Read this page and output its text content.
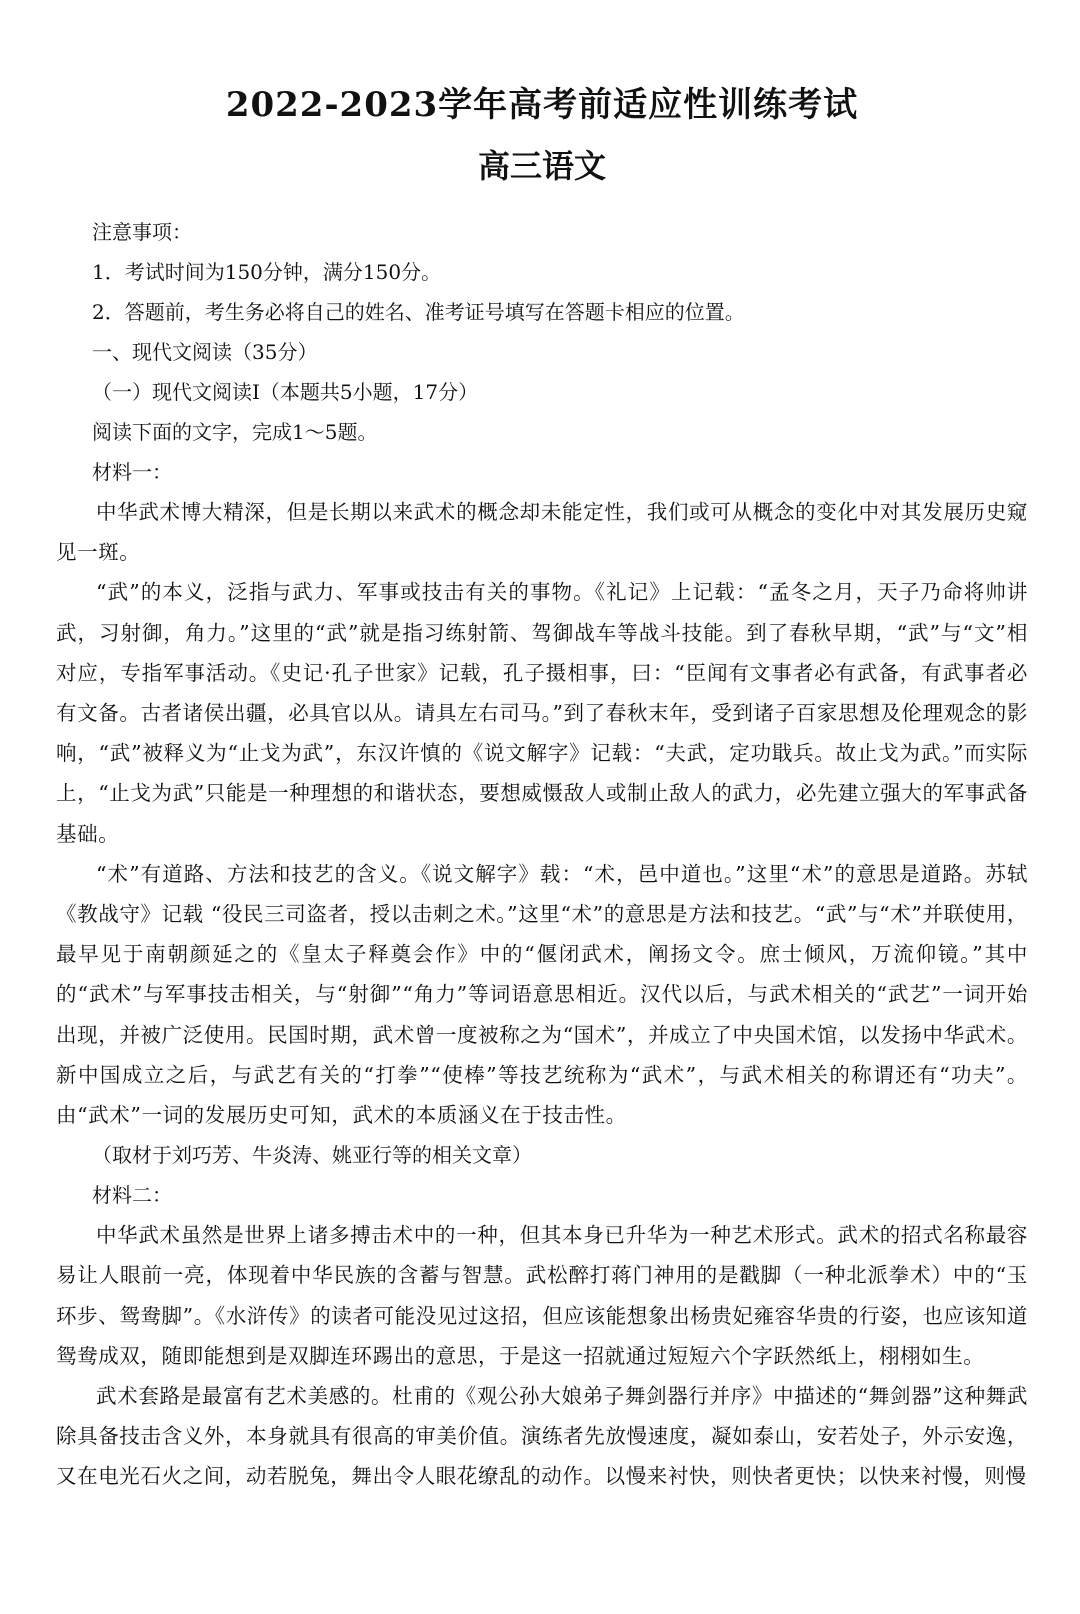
2022-2023学年高考前适应性训练考试
高三语文
注意事项：
1．考试时间为150分钟，满分150分。
2．答题前，考生务必将自己的姓名、准考证号填写在答题卡相应的位置。
一、现代文阅读（35分）
（一）现代文阅读I（本题共5小题，17分）
阅读下面的文字，完成1～5题。
材料一：

中华武术博大精深，但是长期以来武术的概念却未能定性，我们或可从概念的变化中对其发展历史窥见一斑。

“武”的本义，泛指与武力、军事或技击有关的事物。《礼记》上记载：“孟冬之月，天子乃命将帅讲武，习射御，角力。”这里的“武”就是指习练射箭、驾御战车等战斗技能。到了春秋早期，“武”与“文”相对应，专指军事活动。《史记·孔子世家》记载，孔子摄相事，曰：“臣闻有文事者必有武备，有武事者必有文备。古者诸侯出疆，必具官以从。请具左右司马。”到了春秋末年，受到诸子百家思想及伦理观念的影响，“武”被释义为“止戈为武”，东汉许慎的《说文解字》记载：“夫武，定功戢兵。故止戈为武。”而实际上，“止戈为武”只能是一种理想的和谐状态，要想威慑敌人或制止敌人的武力，必先建立强大的军事武备基础。

“术”有道路、方法和技艺的含义。《说文解字》载：“术，邑中道也。”这里“术”的意思是道路。苏轼《教战守》记载 “役民三司盗者，授以击刺之术。”这里“术”的意思是方法和技艺。“武”与“术”并联使用，最早见于南朝颜延之的《皇太子释奠会作》中的“偃闭武术，阐扬文令。庶士倾风，万流仰镜。”其中的“武术”与军事技击相关，与“射御”“角力”等词语意思相近。汉代以后，与武术相关的“武艺”一词开始出现，并被广泛使用。民国时期，武术曾一度被称之为“国术”，并成立了中央国术馆，以发扬中华武术。新中国成立之后，与武艺有关的“打拳”“使棒”等技艺统称为“武术”，与武术相关的称谓还有“功夫”。由“武术”一词的发展历史可知，武术的本质涵义在于技击性。

（取材于刘巧芳、牛炎涛、姚亚行等的相关文章）
材料二：

中华武术虽然是世界上诸多搏击术中的一种，但其本身已升华为一种艺术形式。武术的招式名称最容易让人眼前一亮，体现着中华民族的含蓄与智慧。武松醉打蒋门神用的是戳脚（一种北派拳术）中的“玉环步、鸳鸯脚”。《水浒传》的读者可能没见过这招，但应该能想象出杨贵妃雍容华贵的行姿，也应该知道鸳鸯成双，随即能想到是双脚连环踢出的意思，于是这一招就通过短短六个字跃然纸上，栩栩如生。

武术套路是最富有艺术美感的。杜甫的《观公孙大娘弟子舞剑器行并序》中描述的“舞剑器”这种舞武除具备技击含义外，本身就具有很高的审美价值。演练者先放慢速度，凝如泰山，安若处子，外示安逸，又在电光石火之间，动若脱兔，舞出令人眼花缭乱的动作。以慢来衬快，则快者更快；以快来衬慢，则慢
